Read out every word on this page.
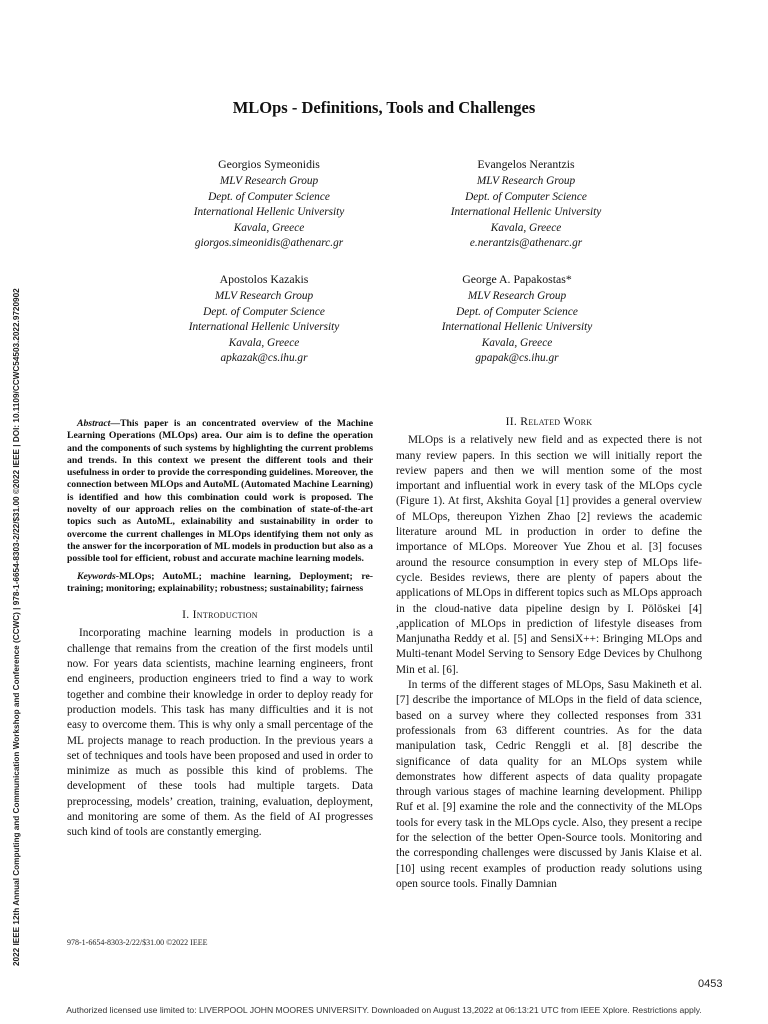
2022 IEEE 12th Annual Computing and Communication Workshop and Conference (CCWC) | 978-1-6654-8303-2/22/$31.00 ©2022 IEEE | DOI: 10.1109/CCWC54503.2022.9720902
MLOps - Definitions, Tools and Challenges
Georgios Symeonidis
MLV Research Group
Dept. of Computer Science
International Hellenic University
Kavala, Greece
giorgos.simeonidis@athenarc.gr
Evangelos Nerantzis
MLV Research Group
Dept. of Computer Science
International Hellenic University
Kavala, Greece
e.nerantzis@athenarc.gr
Apostolos Kazakis
MLV Research Group
Dept. of Computer Science
International Hellenic University
Kavala, Greece
apkazak@cs.ihu.gr
George A. Papakostas*
MLV Research Group
Dept. of Computer Science
International Hellenic University
Kavala, Greece
gpapak@cs.ihu.gr

Abstract—This paper is an concentrated overview of the Machine Learning Operations (MLOps) area. Our aim is to define the operation and the components of such systems by highlighting the current problems and trends. In this context we present the different tools and their usefulness in order to provide the corresponding guidelines. Moreover, the connection between MLOps and AutoML (Automated Machine Learning) is identified and how this combination could work is proposed. The novelty of our approach relies on the combination of state-of-the-art topics such as AutoML, exlainability and sustainability in order to overcome the current challenges in MLOps identifying them not only as the answer for the incorporation of ML models in production but also as a possible tool for efficient, robust and accurate machine learning models.

Keywords-MLOps; AutoML; machine learning, Deployment; re-training; monitoring; explainability; robustness; sustainability; fairness

I. Introduction

Incorporating machine learning models in production is a challenge that remains from the creation of the first models until now. For years data scientists, machine learning engineers, front end engineers, production engineers tried to find a way to work together and combine their knowledge in order to deploy ready for production models. This task has many difficulties and it is not easy to overcome them. This is why only a small percentage of the ML projects manage to reach production. In the previous years a set of techniques and tools have been proposed and used in order to minimize as much as possible this kind of problems. The development of these tools had multiple targets. Data preprocessing, models’ creation, training, evaluation, deployment, and monitoring are some of them. As the field of AI progresses such kind of tools are constantly emerging.

II. Related Work

MLOps is a relatively new field and as expected there is not many review papers. In this section we will initially report the review papers and then we will mention some of the most important and influential work in every task of the MLOps cycle (Figure 1). At first, Akshita Goyal [1] provides a general overview of MLOps, thereupon Yizhen Zhao [2] reviews the academic literature around ML in production in order to define the importance of MLOps. Moreover Yue Zhou et al. [3] focuses around the resource consumption in every step of MLOps life-cycle. Besides reviews, there are plenty of papers about the applications of MLOps in different topics such as MLOps approach in the cloud-native data pipeline design by I. Pölöskei [4] ,application of MLOps in prediction of lifestyle diseases from Manjunatha Reddy et al. [5] and SensiX++: Bringing MLOps and Multi-tenant Model Serving to Sensory Edge Devices by Chulhong Min et al. [6].

In terms of the different stages of MLOps, Sasu Makineth et al. [7] describe the importance of MLOps in the field of data science, based on a survey where they collected responses from 331 professionals from 63 different countries. As for the data manipulation task, Cedric Renggli et al. [8] describe the significance of data quality for an MLOps system while demonstrates how different aspects of data quality propagate through various stages of machine learning development. Philipp Ruf et al. [9] examine the role and the connectivity of the MLOps tools for every task in the MLOps cycle. Also, they present a recipe for the selection of the better Open-Source tools. Monitoring and the corresponding challenges were discussed by Janis Klaise et al. [10] using recent examples of production ready solutions using open source tools. Finally Damnian

978-1-6654-8303-2/22/$31.00 ©2022 IEEE
0453
Authorized licensed use limited to: LIVERPOOL JOHN MOORES UNIVERSITY. Downloaded on August 13,2022 at 06:13:21 UTC from IEEE Xplore. Restrictions apply.
